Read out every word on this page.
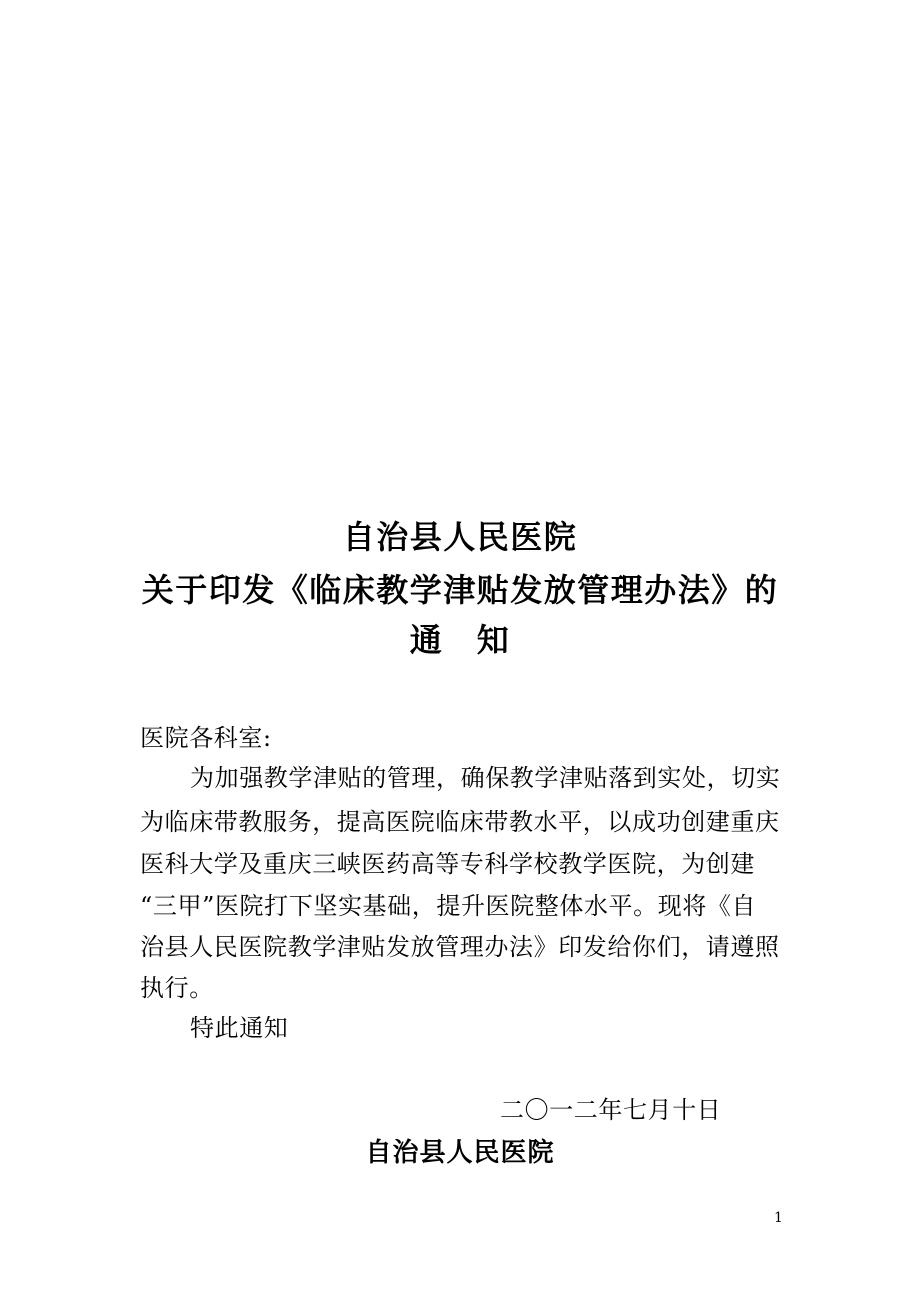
自治县人民医院
关于印发《临床教学津贴发放管理办法》的
通　知
医院各科室:
为加强教学津贴的管理，确保教学津贴落到实处，切实
为临床带教服务，提高医院临床带教水平，以成功创建重庆
医科大学及重庆三峡医药高等专科学校教学医院，为创建
“三甲”医院打下坚实基础，提升医院整体水平。现将《自
治县人民医院教学津贴发放管理办法》印发给你们，请遵照
执行。
特此通知
二〇一二年七月十日
自治县人民医院
1
